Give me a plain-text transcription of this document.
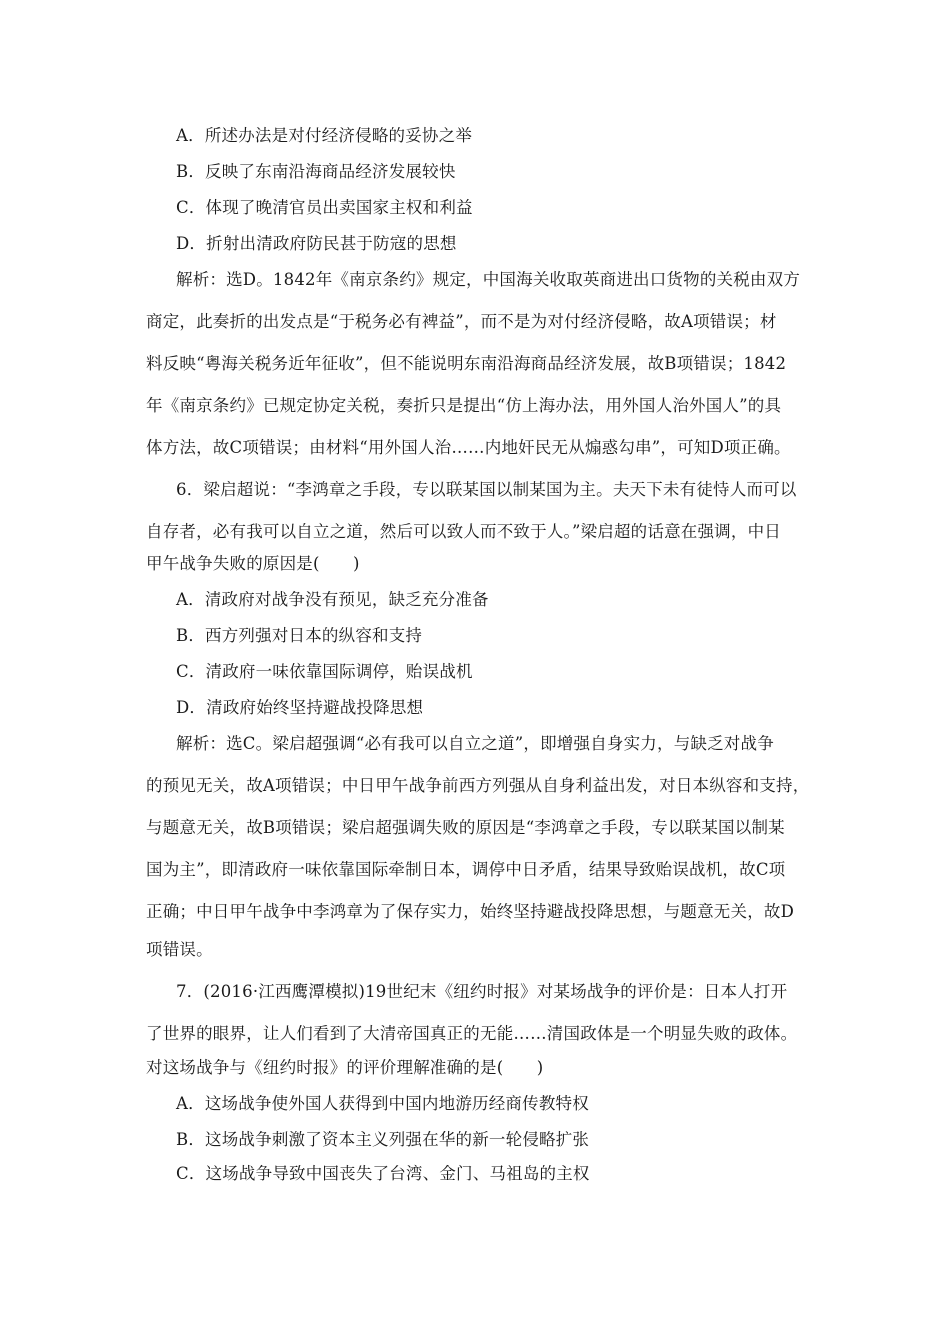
A．所述办法是对付经济侵略的妥协之举
B．反映了东南沿海商品经济发展较快
C．体现了晚清官员出卖国家主权和利益
D．折射出清政府防民甚于防寇的思想
解析：选D。1842年《南京条约》规定，中国海关收取英商进出口货物的关税由双方
商定，此奏折的出发点是“于税务必有裨益”，而不是为对付经济侵略，故A项错误；材
料反映“粤海关税务近年征收”，但不能说明东南沿海商品经济发展，故B项错误；1842
年《南京条约》已规定协定关税，奏折只是提出“仿上海办法，用外国人治外国人”的具
体方法，故C项错误；由材料“用外国人治……内地奸民无从煽惑勾串”，可知D项正确。
6．梁启超说：“李鸿章之手段，专以联某国以制某国为主。夫天下未有徒恃人而可以
自存者，必有我可以自立之道，然后可以致人而不致于人。”梁启超的话意在强调，中日
甲午战争失败的原因是(　　)
A．清政府对战争没有预见，缺乏充分准备
B．西方列强对日本的纵容和支持
C．清政府一味依靠国际调停，贻误战机
D．清政府始终坚持避战投降思想
解析：选C。梁启超强调“必有我可以自立之道”，即增强自身实力，与缺乏对战争
的预见无关，故A项错误；中日甲午战争前西方列强从自身利益出发，对日本纵容和支持，
与题意无关，故B项错误；梁启超强调失败的原因是“李鸿章之手段，专以联某国以制某
国为主”，即清政府一味依靠国际牵制日本，调停中日矛盾，结果导致贻误战机，故C项
正确；中日甲午战争中李鸿章为了保存实力，始终坚持避战投降思想，与题意无关，故D
项错误。
7．(2016·江西鹰潭模拟)19世纪末《纽约时报》对某场战争的评价是：日本人打开
了世界的眼界，让人们看到了大清帝国真正的无能……清国政体是一个明显失败的政体。
对这场战争与《纽约时报》的评价理解准确的是(　　)
A．这场战争使外国人获得到中国内地游历经商传教特权
B．这场战争刺激了资本主义列强在华的新一轮侵略扩张
C．这场战争导致中国丧失了台湾、金门、马祖岛的主权
